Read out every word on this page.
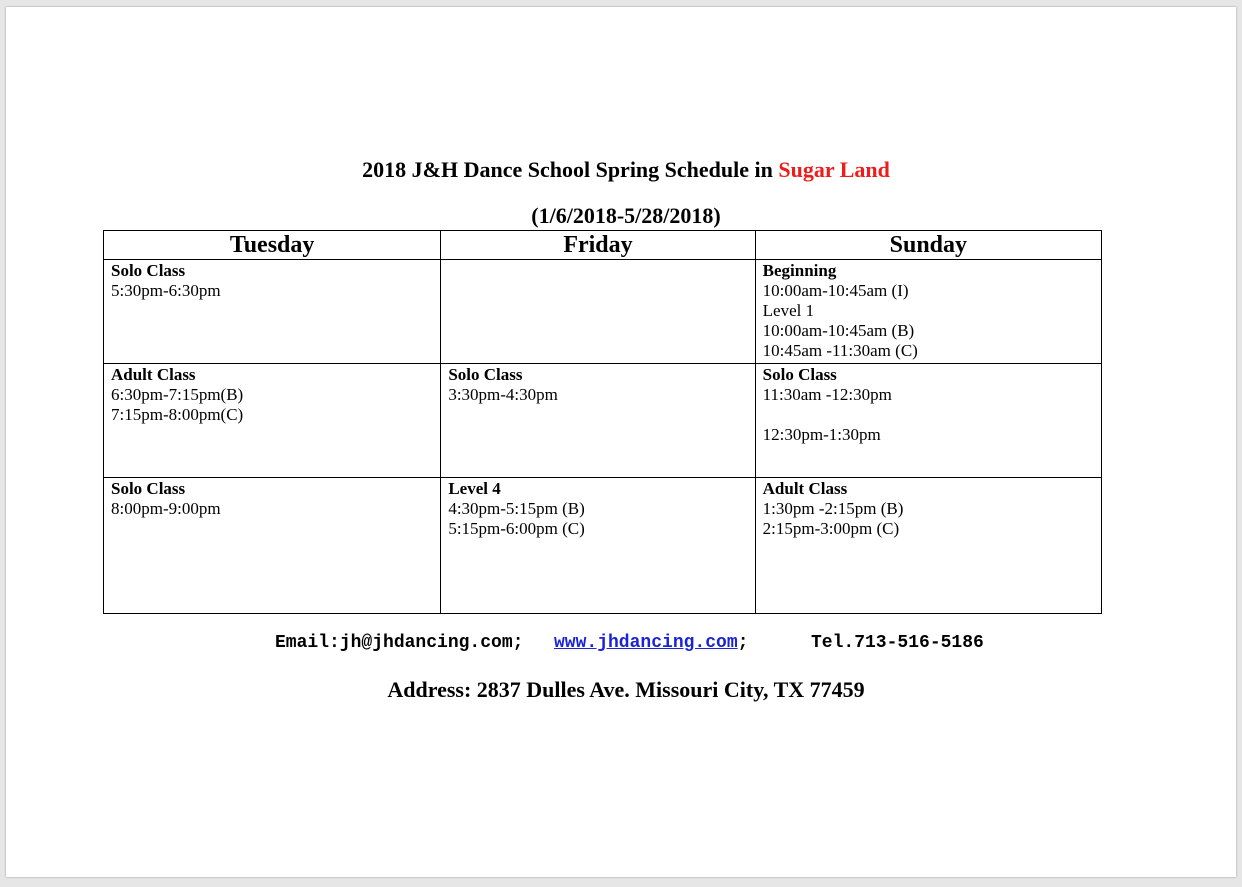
2018 J&H Dance School Spring Schedule in Sugar Land
(1/6/2018-5/28/2018)
Tuesday	Friday	Sunday

Solo Class
5:30pm-6:30pm		Beginning
10:00am-10:45am (I)
Level 1
10:00am-10:45am (B)
10:45am -11:30am (C)

Adult Class
6:30pm-7:15pm(B)
7:15pm-8:00pm(C)	Solo Class
3:30pm-4:30pm	Solo Class
11:30am -12:30pm
12:30pm-1:30pm

Solo Class
8:00pm-9:00pm	Level 4
4:30pm-5:15pm (B)
5:15pm-6:00pm (C)	Adult Class
1:30pm -2:15pm (B)
2:15pm-3:00pm (C)
Email:jh@jhdancing.com; www.jhdancing.com;	Tel.713-516-5186
Address: 2837 Dulles Ave. Missouri City, TX 77459
